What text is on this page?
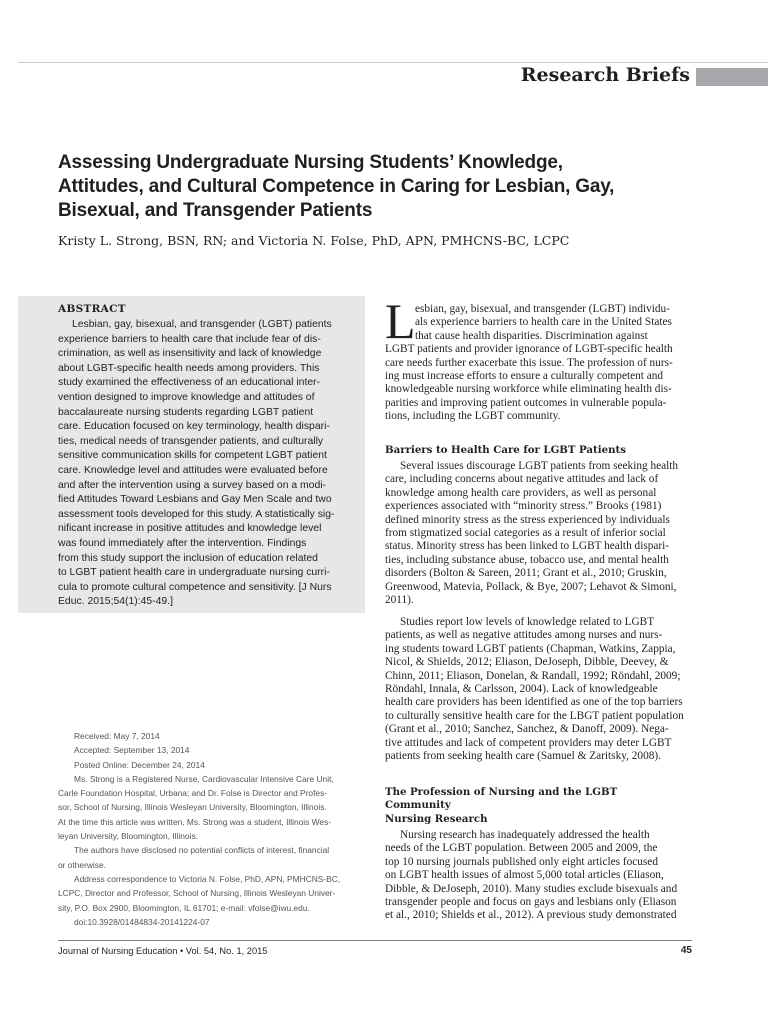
Research Briefs
Assessing Undergraduate Nursing Students’ Knowledge,
Attitudes, and Cultural Competence in Caring for Lesbian, Gay,
Bisexual, and Transgender Patients
Kristy L. Strong, BSN, RN; and Victoria N. Folse, PhD, APN, PMHCNS-BC, LCPC
ABSTRACT
Lesbian, gay, bisexual, and transgender (LGBT) patients
experience barriers to health care that include fear of dis-
crimination, as well as insensitivity and lack of knowledge
about LGBT-specific health needs among providers. This
study examined the effectiveness of an educational inter-
vention designed to improve knowledge and attitudes of
baccalaureate nursing students regarding LGBT patient
care. Education focused on key terminology, health dispari-
ties, medical needs of transgender patients, and culturally
sensitive communication skills for competent LGBT patient
care. Knowledge level and attitudes were evaluated before
and after the intervention using a survey based on a modi-
fied Attitudes Toward Lesbians and Gay Men Scale and two
assessment tools developed for this study. A statistically sig-
nificant increase in positive attitudes and knowledge level
was found immediately after the intervention. Findings
from this study support the inclusion of education related
to LGBT patient health care in undergraduate nursing curri-
cula to promote cultural competence and sensitivity. [J Nurs
Educ. 2015;54(1):45-49.]
Received: May 7, 2014
Accepted: September 13, 2014
Posted Online: December 24, 2014
Ms. Strong is a Registered Nurse, Cardiovascular Intensive Care Unit,
Carle Foundation Hospital, Urbana; and Dr. Folse is Director and Profes-
sor, School of Nursing, Illinois Wesleyan University, Bloomington, Illinois.
At the time this article was written, Ms. Strong was a student, Illinois Wes-
leyan University, Bloomington, Illinois.
The authors have disclosed no potential conflicts of interest, financial
or otherwise.
Address correspondence to Victoria N. Folse, PhD, APN, PMHCNS-BC,
LCPC, Director and Professor, School of Nursing, Illinois Wesleyan Univer-
sity, P.O. Box 2900, Bloomington, IL 61701; e-mail: vfolse@iwu.edu.
doi:10.3928/01484834-20141224-07
L esbian, gay, bisexual, and transgender (LGBT) individu-
als experience barriers to health care in the United States
that cause health disparities. Discrimination against
LGBT patients and provider ignorance of LGBT-specific health
care needs further exacerbate this issue. The profession of nurs-
ing must increase efforts to ensure a culturally competent and
knowledgeable nursing workforce while eliminating health dis-
parities and improving patient outcomes in vulnerable popula-
tions, including the LGBT community.
Barriers to Health Care for LGBT Patients
Several issues discourage LGBT patients from seeking health
care, including concerns about negative attitudes and lack of
knowledge among health care providers, as well as personal
experiences associated with “minority stress.” Brooks (1981)
defined minority stress as the stress experienced by individuals
from stigmatized social categories as a result of inferior social
status. Minority stress has been linked to LGBT health dispari-
ties, including substance abuse, tobacco use, and mental health
disorders (Bolton & Sareen, 2011; Grant et al., 2010; Gruskin,
Greenwood, Matevia, Pollack, & Bye, 2007; Lehavot & Simoni,
2011).
Studies report low levels of knowledge related to LGBT
patients, as well as negative attitudes among nurses and nurs-
ing students toward LGBT patients (Chapman, Watkins, Zappia,
Nicol, & Shields, 2012; Eliason, DeJoseph, Dibble, Deevey, &
Chinn, 2011; Eliason, Donelan, & Randall, 1992; Röndahl, 2009;
Röndahl, Innala, & Carlsson, 2004). Lack of knowledgeable
health care providers has been identified as one of the top barriers
to culturally sensitive health care for the LBGT patient population
(Grant et al., 2010; Sanchez, Sanchez, & Danoff, 2009). Nega-
tive attitudes and lack of competent providers may deter LGBT
patients from seeking health care (Samuel & Zaritsky, 2008).
The Profession of Nursing and the LGBT
Community
Nursing Research
Nursing research has inadequately addressed the health
needs of the LGBT population. Between 2005 and 2009, the
top 10 nursing journals published only eight articles focused
on LGBT health issues of almost 5,000 total articles (Eliason,
Dibble, & DeJoseph, 2010). Many studies exclude bisexuals and
transgender people and focus on gays and lesbians only (Eliason
et al., 2010; Shields et al., 2012). A previous study demonstrated
Journal of Nursing Education • Vol. 54, No. 1, 2015	45
